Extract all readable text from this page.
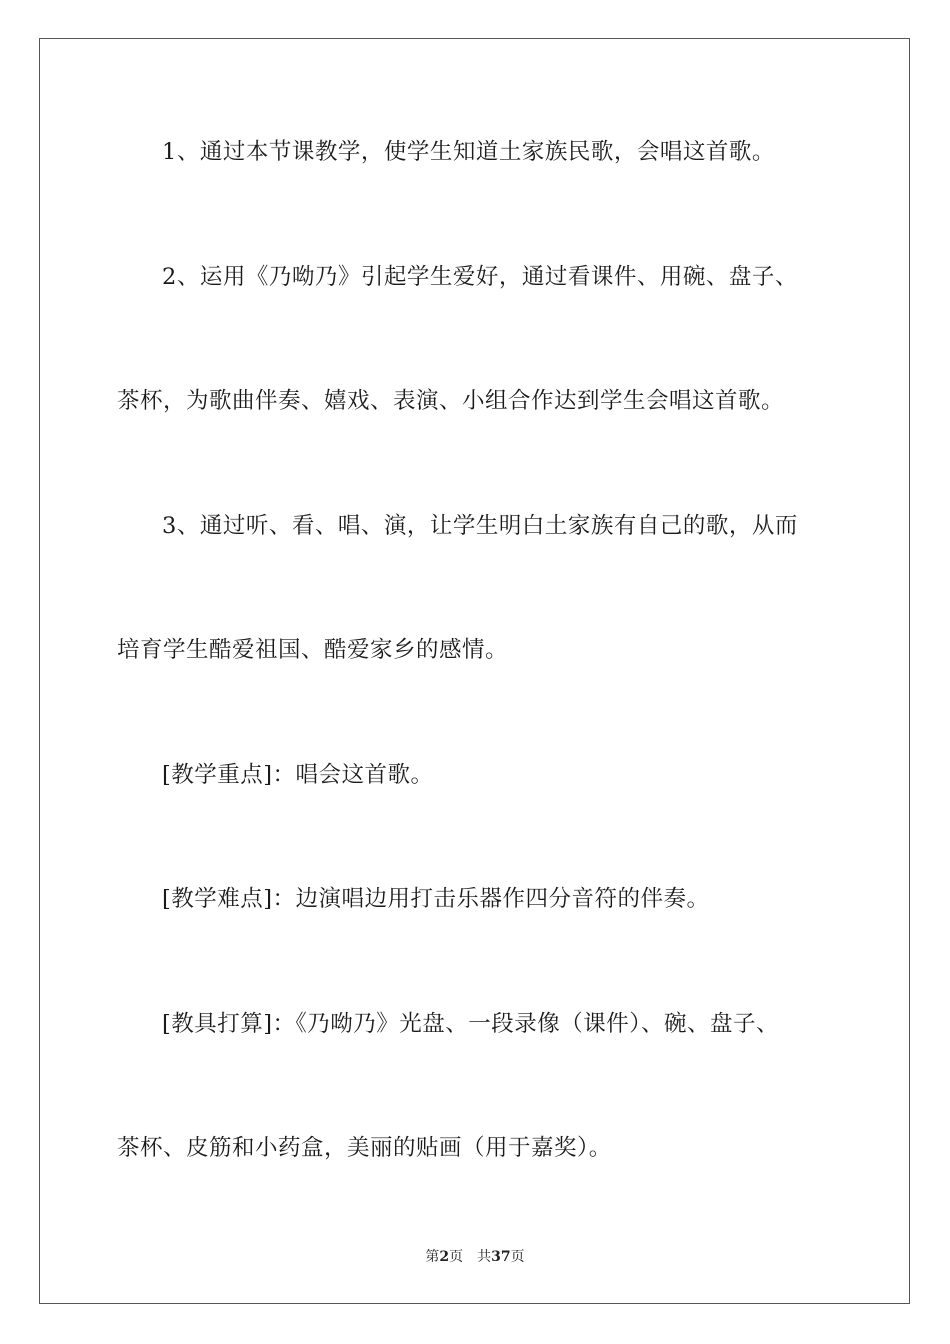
1、通过本节课教学，使学生知道土家族民歌，会唱这首歌。
2、运用《乃呦乃》引起学生爱好，通过看课件、用碗、盘子、
茶杯，为歌曲伴奏、嬉戏、表演、小组合作达到学生会唱这首歌。
3、通过听、看、唱、演，让学生明白土家族有自己的歌，从而
培育学生酷爱祖国、酷爱家乡的感情。
[教学重点]：唱会这首歌。
[教学难点]：边演唱边用打击乐器作四分音符的伴奏。
[教具打算]：《乃呦乃》光盘、一段录像（课件）、碗、盘子、
茶杯、皮筋和小药盒，美丽的贴画（用于嘉奖）。
第2页 共37页
